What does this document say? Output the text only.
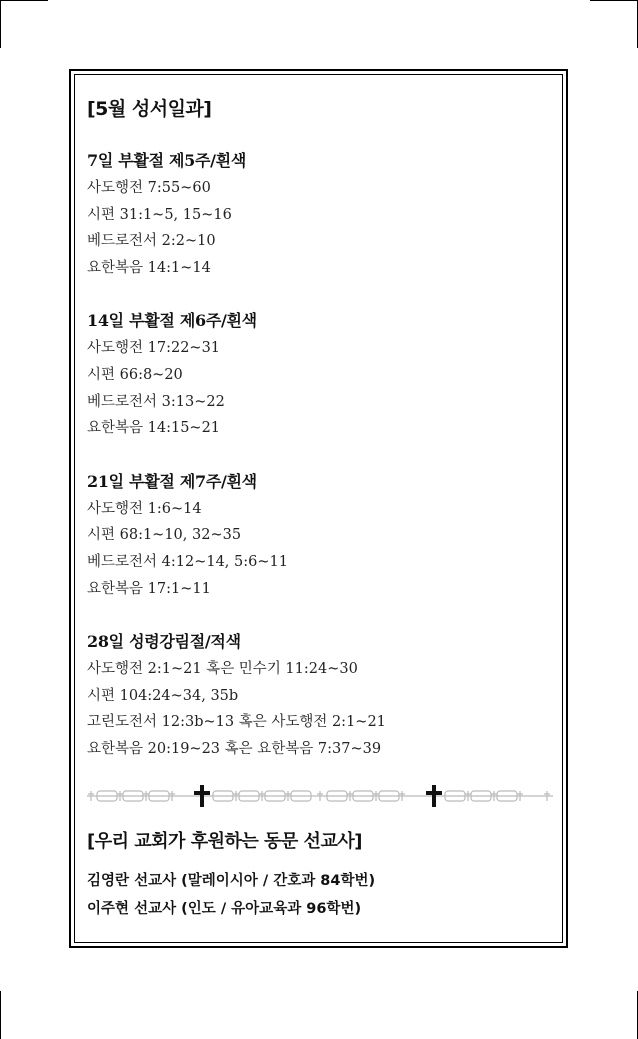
[5월 성서일과]
7일 부활절 제5주/흰색
사도행전 7:55~60
시편 31:1~5, 15~16
베드로전서 2:2~10
요한복음 14:1~14
14일 부활절 제6주/흰색
사도행전 17:22~31
시편 66:8~20
베드로전서 3:13~22
요한복음 14:15~21
21일 부활절 제7주/흰색
사도행전 1:6~14
시편 68:1~10, 32~35
베드로전서 4:12~14, 5:6~11
요한복음 17:1~11
28일 성령강림절/적색
사도행전 2:1~21 혹은 민수기 11:24~30
시편 104:24~34, 35b
고린도전서 12:3b~13 혹은 사도행전 2:1~21
요한복음 20:19~23 혹은 요한복음 7:37~39
[우리 교회가 후원하는 동문 선교사]
김영란 선교사 (말레이시아 / 간호과 84학번)
이주현 선교사 (인도 / 유아교육과 96학번)
